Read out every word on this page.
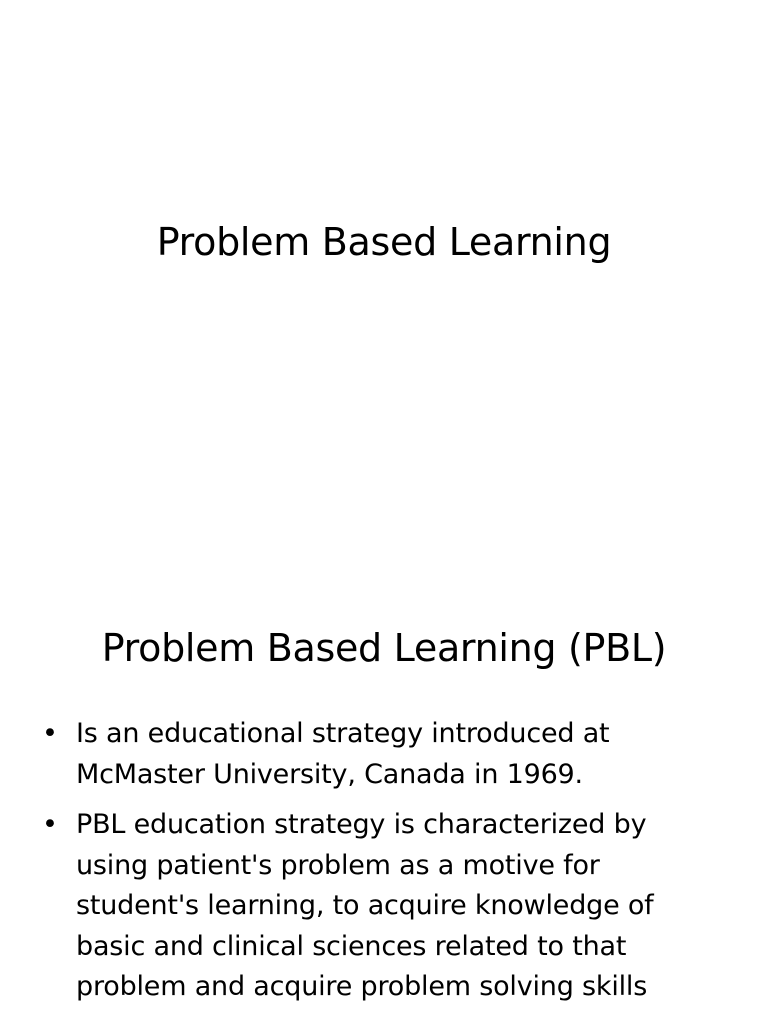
Problem Based Learning
Problem Based Learning (PBL)
• Is an educational strategy introduced at McMaster University, Canada in 1969.
• PBL education strategy is characterized by using patient's problem as a motive for student's learning, to acquire knowledge of basic and clinical sciences related to that problem and acquire problem solving skills
